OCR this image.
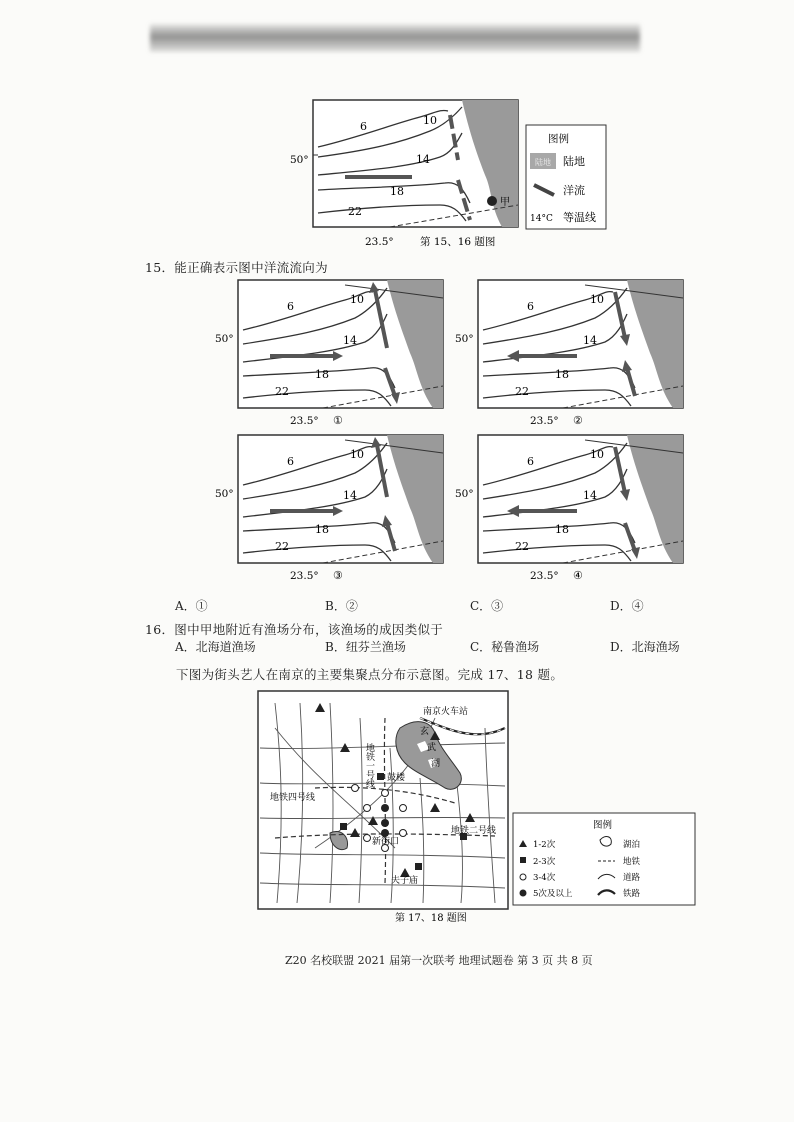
甲
6	10
14
18
22
50°
23.5°	第 15、16 题图
图例
陆地 陆地
洋流
14°C 等温线
15．能正确表示图中洋流流向为
6
10
14
18
22
50°
23.5° ①
6
10
14
18
22
50°
23.5° ②
6
10
14
18
22
50°
23.5° ③
6
10
14
18
22
50°
23.5° ④
A．①	B．②	C．③	D．④
16．图中甲地附近有渔场分布，该渔场的成因类似于
A．北海道渔场	B．纽芬兰渔场	C．秘鲁渔场	D．北海渔场
下图为街头艺人在南京的主要集聚点分布示意图。完成 17、18 题。
南京火车站
玄
武
湖
地铁一号线 鼓楼
地铁四号线
地铁二号线
新街口
夫子庙
图例
1-2次
2-3次
3-4次
5次及以上
湖泊
地铁
道路
铁路
第 17、18 题图
Z20 名校联盟 2021 届第一次联考 地理试题卷 第 3 页 共 8 页
